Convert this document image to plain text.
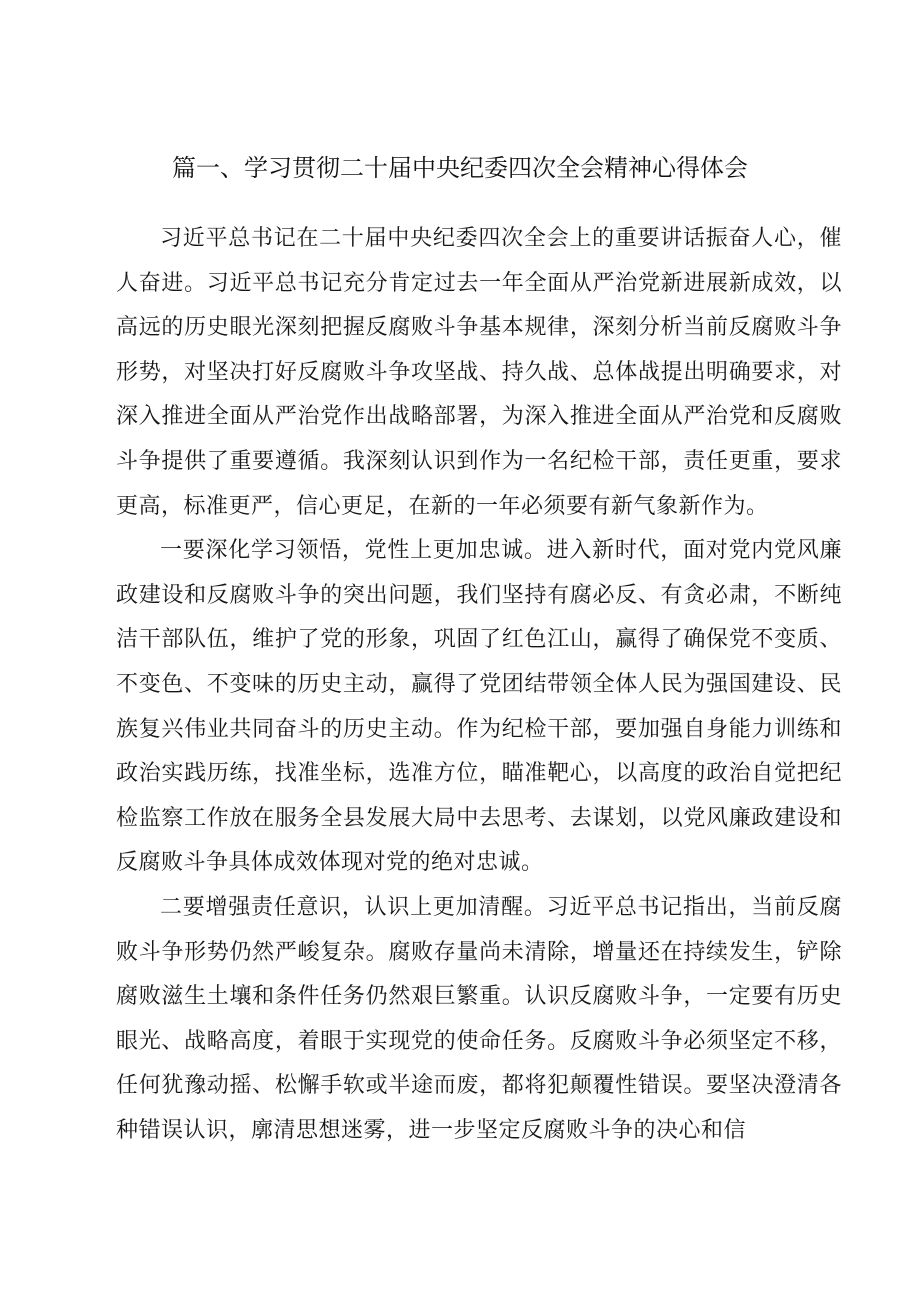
篇一、学习贯彻二十届中央纪委四次全会精神心得体会

习近平总书记在二十届中央纪委四次全会上的重要讲话振奋人心，催人奋进。习近平总书记充分肯定过去一年全面从严治党新进展新成效，以高远的历史眼光深刻把握反腐败斗争基本规律，深刻分析当前反腐败斗争形势，对坚决打好反腐败斗争攻坚战、持久战、总体战提出明确要求，对深入推进全面从严治党作出战略部署，为深入推进全面从严治党和反腐败斗争提供了重要遵循。我深刻认识到作为一名纪检干部，责任更重，要求更高，标准更严，信心更足，在新的一年必须要有新气象新作为。

一要深化学习领悟，党性上更加忠诚。进入新时代，面对党内党风廉政建设和反腐败斗争的突出问题，我们坚持有腐必反、有贪必肃，不断纯洁干部队伍，维护了党的形象，巩固了红色江山，赢得了确保党不变质、不变色、不变味的历史主动，赢得了党团结带领全体人民为强国建设、民族复兴伟业共同奋斗的历史主动。作为纪检干部，要加强自身能力训练和政治实践历练，找准坐标，选准方位，瞄准靶心，以高度的政治自觉把纪检监察工作放在服务全县发展大局中去思考、去谋划，以党风廉政建设和反腐败斗争具体成效体现对党的绝对忠诚。

二要增强责任意识，认识上更加清醒。习近平总书记指出，当前反腐败斗争形势仍然严峻复杂。腐败存量尚未清除，增量还在持续发生，铲除腐败滋生土壤和条件任务仍然艰巨繁重。认识反腐败斗争，一定要有历史眼光、战略高度，着眼于实现党的使命任务。反腐败斗争必须坚定不移，任何犹豫动摇、松懈手软或半途而废，都将犯颠覆性错误。要坚决澄清各种错误认识，廓清思想迷雾，进一步坚定反腐败斗争的决心和信
